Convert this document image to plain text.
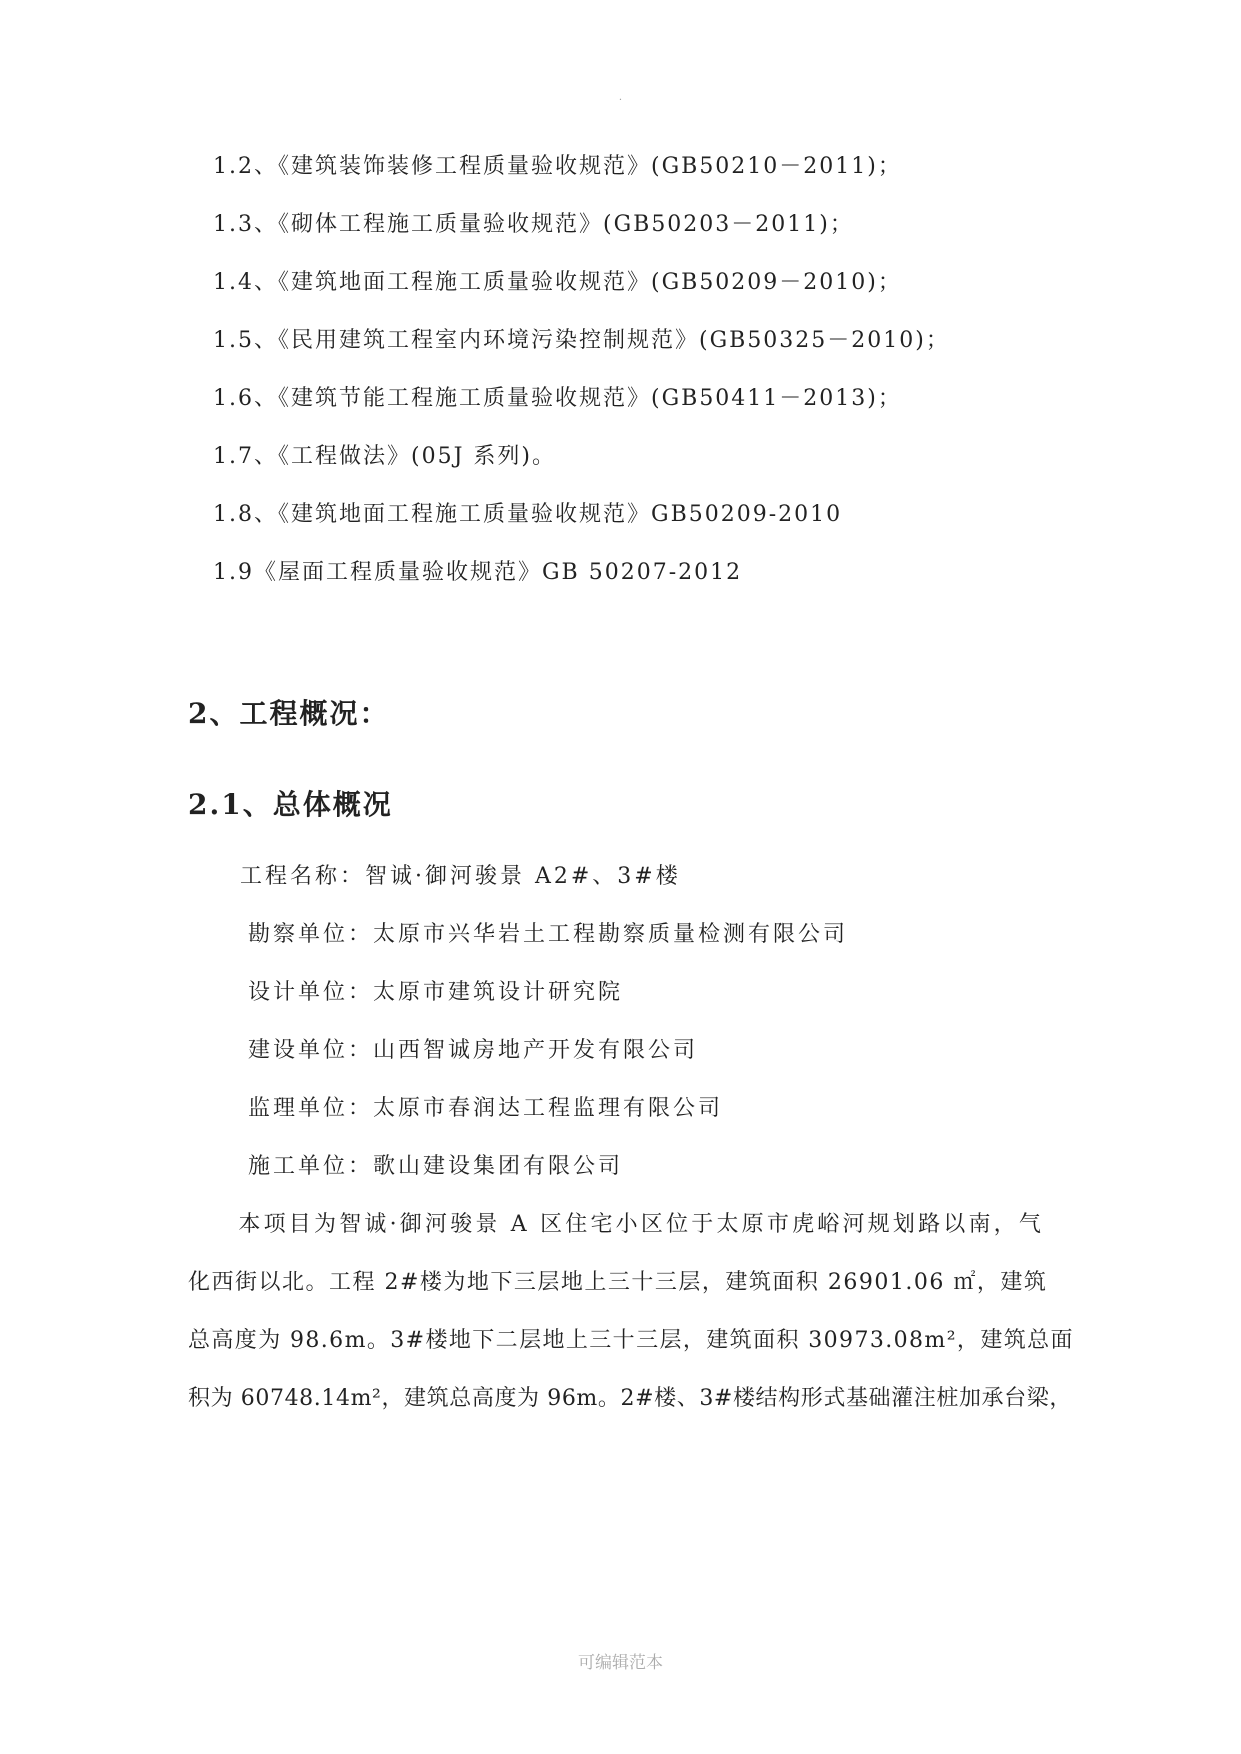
.
1.2、《建筑装饰装修工程质量验收规范》(GB50210－2011)；
1.3、《砌体工程施工质量验收规范》(GB50203－2011)；
1.4、《建筑地面工程施工质量验收规范》(GB50209－2010)；
1.5、《民用建筑工程室内环境污染控制规范》(GB50325－2010)；
1.6、《建筑节能工程施工质量验收规范》(GB50411－2013)；
1.7、《工程做法》(05J 系列)。
1.8、《建筑地面工程施工质量验收规范》GB50209-2010
1.9《屋面工程质量验收规范》GB 50207-2012
2、工程概况：
2.1、总体概况
工程名称：智诚·御河骏景 A2#、3#楼
勘察单位：太原市兴华岩土工程勘察质量检测有限公司
设计单位：太原市建筑设计研究院
建设单位：山西智诚房地产开发有限公司
监理单位：太原市春润达工程监理有限公司
施工单位：歌山建设集团有限公司
　　本项目为智诚·御河骏景 A 区住宅小区位于太原市虎峪河规划路以南，气
化西街以北。工程 2#楼为地下三层地上三十三层，建筑面积 26901.06 ㎡，建筑
总高度为 98.6m。3#楼地下二层地上三十三层，建筑面积 30973.08m²，建筑总面
积为 60748.14m²，建筑总高度为 96m。2#楼、3#楼结构形式基础灌注桩加承台梁，
可编辑范本
